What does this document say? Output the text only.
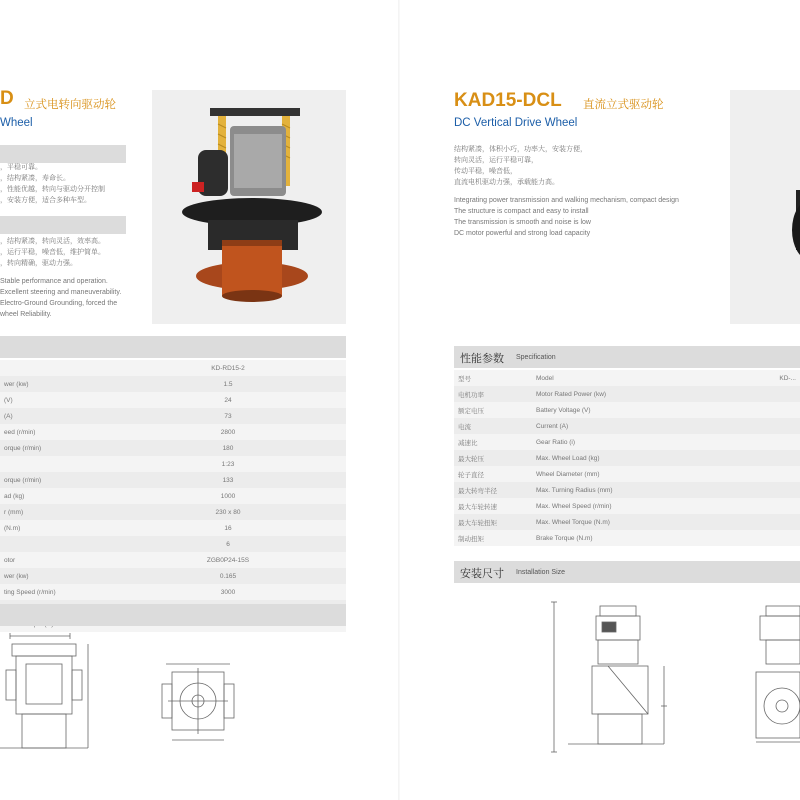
D 立式电转向驱动轮
Wheel
，平稳可靠。
，结构紧凑，寿命长。
，性能优越，转向与驱动分开控制
，安装方便，适合多种车型。
，结构紧凑，转向灵活，效率高。
，运行平稳，噪音低，维护简单。
，转向精确，驱动力强。
Stable performance and operation.
Excellent steering and maneuverability.
Electro-Ground Grounding, forced the
wheel Reliability.
	KD-RD15-2
wer (kw)	1.5
(V)	24
(A)	73
eed (r/min)	2800
orque (r/min)	180
	1:23
orque (r/min)	133
ad (kg)	1000
r (mm)	230 x 80
(N.m)	16
	6
otor	ZGB0P24-15S
wer (kw)	0.165
ting Speed (r/min)	3000

KAD15-DCL 直流立式驱动轮
DC Vertical Drive Wheel
结构紧凑，体积小巧，功率大，安装方便，
转向灵活，运行平稳可靠，
传动平稳，噪音低，
直流电机驱动力强，承载能力高。
Integrating power transmission and walking mechanism, compact design
The structure is compact and easy to install
The transmission is smooth and noise is low
DC motor powerful and strong load capacity
性能参数 Specification
型号	Model	KD-...
电机功率	Motor Rated Power (kw)	
额定电压	Battery Voltage (V)	
电流	Current (A)	
减速比	Gear Ratio (i)	
最大轮压	Max. Wheel Load (kg)	
轮子直径	Wheel Diameter (mm)	
最大转弯半径	Max. Turning Radius (mm)	
最大车轮转速	Max. Wheel Speed (r/min)	
最大车轮扭矩	Max. Wheel Torque (N.m)	
制动扭矩	Brake Torque (N.m)	
安装尺寸 Installation Size
